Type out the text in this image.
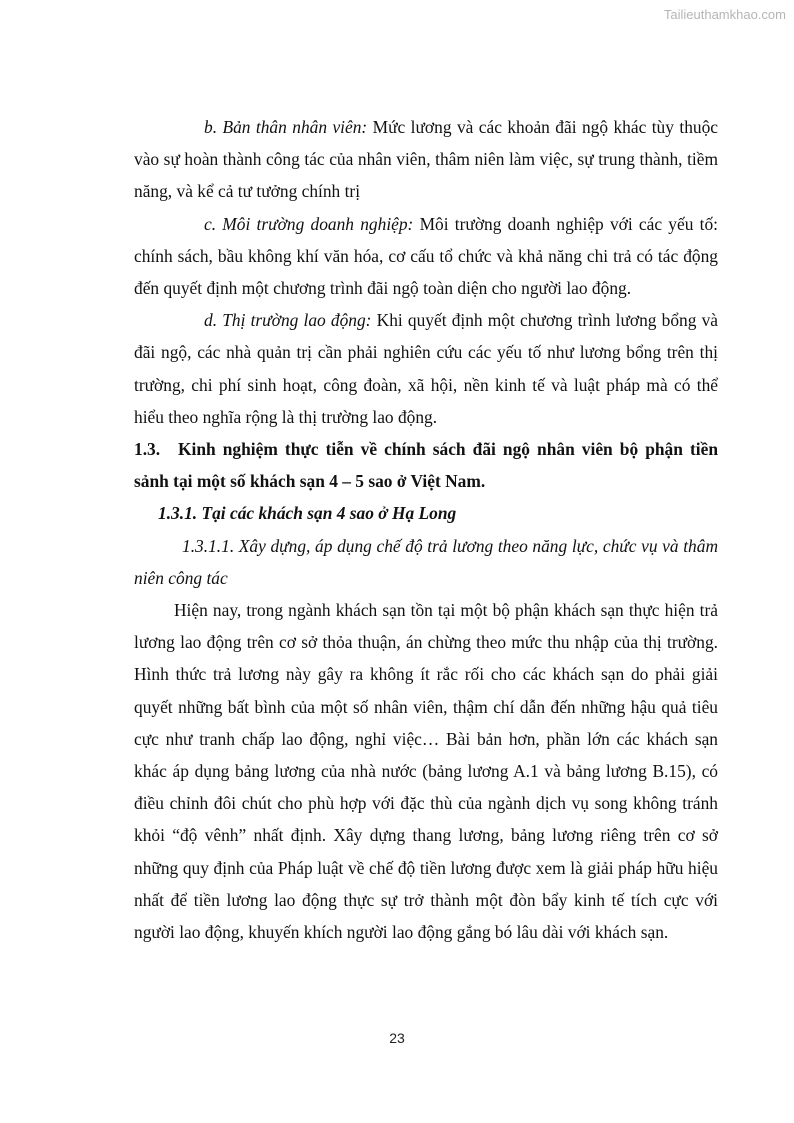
Tailieuthamkhao.com

b. Bản thân nhân viên: Mức lương và các khoản đãi ngộ khác tùy thuộc vào sự hoàn thành công tác của nhân viên, thâm niên làm việc, sự trung thành, tiềm năng, và kể cả tư tưởng chính trị

c. Môi trường doanh nghiệp: Môi trường doanh nghiệp với các yếu tố: chính sách, bầu không khí văn hóa, cơ cấu tổ chức và khả năng chi trả có tác động đến quyết định một chương trình đãi ngộ toàn diện cho người lao động.

d. Thị trường lao động: Khi quyết định một chương trình lương bổng và đãi ngộ, các nhà quản trị cần phải nghiên cứu các yếu tố như lương bổng trên thị trường, chi phí sinh hoạt, công đoàn, xã hội, nền kinh tế và luật pháp mà có thể hiểu theo nghĩa rộng là thị trường lao động.

1.3. Kinh nghiệm thực tiễn về chính sách đãi ngộ nhân viên bộ phận tiền sảnh tại một số khách sạn 4 – 5 sao ở Việt Nam.

1.3.1. Tại các khách sạn 4 sao ở Hạ Long

1.3.1.1. Xây dựng, áp dụng chế độ trả lương theo năng lực, chức vụ và thâm niên công tác

Hiện nay, trong ngành khách sạn tồn tại một bộ phận khách sạn thực hiện trả lương lao động trên cơ sở thỏa thuận, án chừng theo mức thu nhập của thị trường. Hình thức trả lương này gây ra không ít rắc rối cho các khách sạn do phải giải quyết những bất bình của một số nhân viên, thậm chí dẫn đến những hậu quả tiêu cực như tranh chấp lao động, nghỉ việc… Bài bản hơn, phần lớn các khách sạn khác áp dụng bảng lương của nhà nước (bảng lương A.1 và bảng lương B.15), có điều chỉnh đôi chút cho phù hợp với đặc thù của ngành dịch vụ song không tránh khỏi “độ vênh” nhất định. Xây dựng thang lương, bảng lương riêng trên cơ sở những quy định của Pháp luật về chế độ tiền lương được xem là giải pháp hữu hiệu nhất để tiền lương lao động thực sự trở thành một đòn bẩy kinh tế tích cực với người lao động, khuyến khích người lao động gắng bó lâu dài với khách sạn.

23
